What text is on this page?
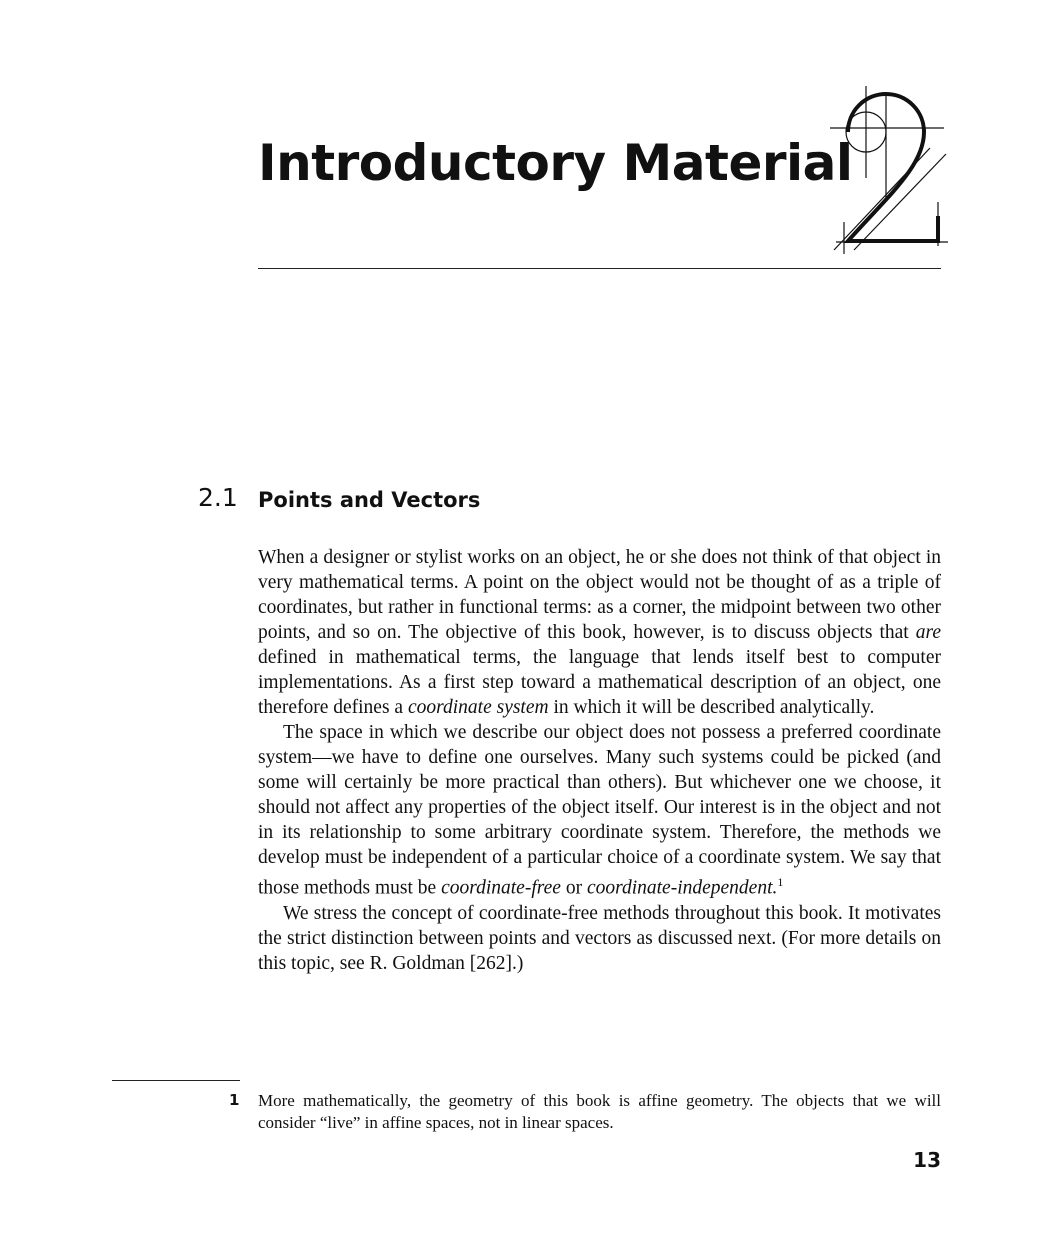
Introductory Material
2.1 Points and Vectors

When a designer or stylist works on an object, he or she does not think of that object in very mathematical terms. A point on the object would not be thought of as a triple of coordinates, but rather in functional terms: as a corner, the midpoint between two other points, and so on. The objective of this book, however, is to discuss objects that are defined in mathematical terms, the language that lends itself best to computer implementations. As a first step toward a mathematical description of an object, one therefore defines a coordinate system in which it will be described analytically.

The space in which we describe our object does not possess a preferred coordinate system—we have to define one ourselves. Many such systems could be picked (and some will certainly be more practical than others). But whichever one we choose, it should not affect any properties of the object itself. Our interest is in the object and not in its relationship to some arbitrary coordinate system. Therefore, the methods we develop must be independent of a particular choice of a coordinate system. We say that those methods must be coordinate-free or coordinate-independent.$^1$

We stress the concept of coordinate-free methods throughout this book. It motivates the strict distinction between points and vectors as discussed next. (For more details on this topic, see R. Goldman [262].)

1 More mathematically, the geometry of this book is affine geometry. The objects that we will consider “live” in affine spaces, not in linear spaces.
13
